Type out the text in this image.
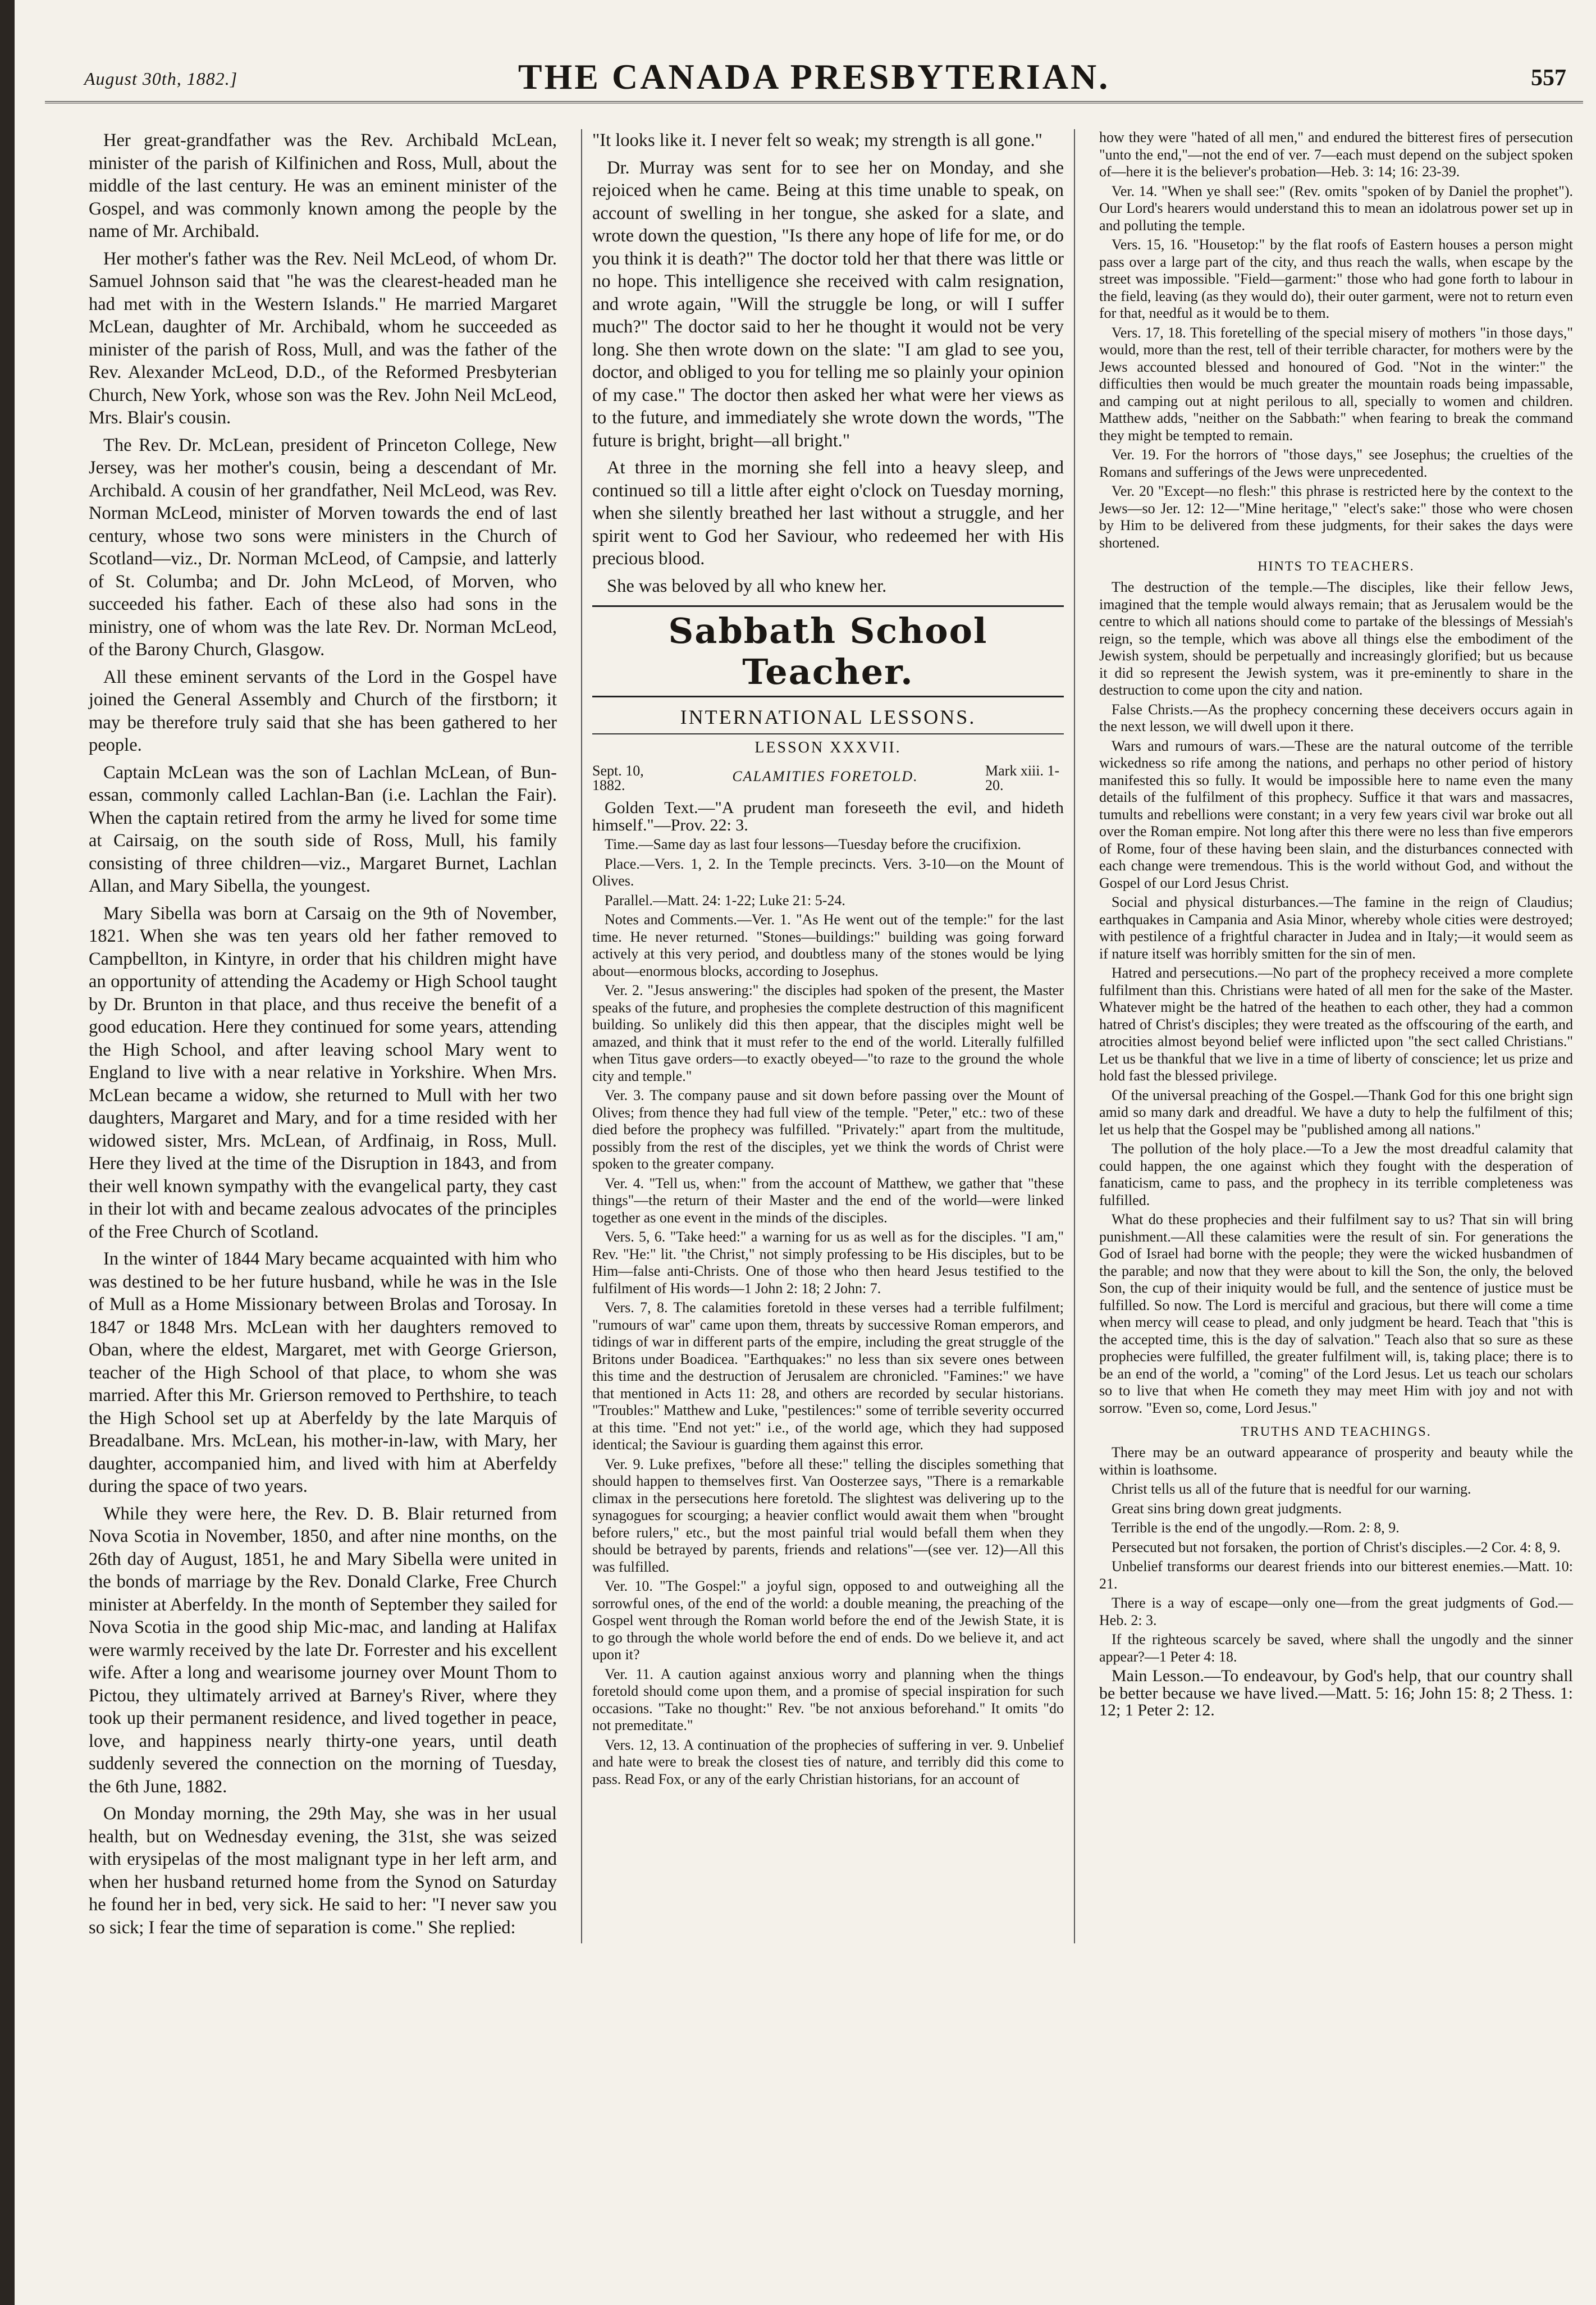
August 30th, 1882.]	THE CANADA PRESBYTERIAN.	557

Her great-grandfather was the Rev. Archibald McLean, minister of the parish of Kilfinichen and Ross, Mull, about the middle of the last century. He was an eminent minister of the Gospel, and was commonly known among the people by the name of Mr. Archibald.

Her mother's father was the Rev. Neil McLeod, of whom Dr. Samuel Johnson said that "he was the clearest-headed man he had met with in the Western Islands." He married Margaret McLean, daughter of Mr. Archibald, whom he succeeded as minister of the parish of Ross, Mull, and was the father of the Rev. Alexander McLeod, D.D., of the Reformed Presbyterian Church, New York, whose son was the Rev. John Neil McLeod, Mrs. Blair's cousin.

The Rev. Dr. McLean, president of Princeton College, New Jersey, was her mother's cousin, being a descendant of Mr. Archibald. A cousin of her grandfather, Neil McLeod, was Rev. Norman McLeod, minister of Morven towards the end of last century, whose two sons were ministers in the Church of Scotland—viz., Dr. Norman McLeod, of Campsie, and latterly of St. Columba; and Dr. John McLeod, of Morven, who succeeded his father. Each of these also had sons in the ministry, one of whom was the late Rev. Dr. Norman McLeod, of the Barony Church, Glasgow.

All these eminent servants of the Lord in the Gospel have joined the General Assembly and Church of the firstborn; it may be therefore truly said that she has been gathered to her people.

Captain McLean was the son of Lachlan McLean, of Bun-essan, commonly called Lachlan-Ban (i.e. Lachlan the Fair). When the captain retired from the army he lived for some time at Cairsaig, on the south side of Ross, Mull, his family consisting of three children—viz., Margaret Burnet, Lachlan Allan, and Mary Sibella, the youngest.

Mary Sibella was born at Carsaig on the 9th of November, 1821. When she was ten years old her father removed to Campbellton, in Kintyre, in order that his children might have an opportunity of attending the Academy or High School taught by Dr. Brunton in that place, and thus receive the benefit of a good education. Here they continued for some years, attending the High School, and after leaving school Mary went to England to live with a near relative in Yorkshire. When Mrs. McLean became a widow, she returned to Mull with her two daughters, Margaret and Mary, and for a time resided with her widowed sister, Mrs. McLean, of Ardfinaig, in Ross, Mull. Here they lived at the time of the Disruption in 1843, and from their well known sympathy with the evangelical party, they cast in their lot with and became zealous advocates of the principles of the Free Church of Scotland.

In the winter of 1844 Mary became acquainted with him who was destined to be her future husband, while he was in the Isle of Mull as a Home Missionary between Brolas and Torosay. In 1847 or 1848 Mrs. McLean with her daughters removed to Oban, where the eldest, Margaret, met with George Grierson, teacher of the High School of that place, to whom she was married. After this Mr. Grierson removed to Perthshire, to teach the High School set up at Aberfeldy by the late Marquis of Breadalbane. Mrs. McLean, his mother-in-law, with Mary, her daughter, accompanied him, and lived with him at Aberfeldy during the space of two years.

While they were here, the Rev. D. B. Blair returned from Nova Scotia in November, 1850, and after nine months, on the 26th day of August, 1851, he and Mary Sibella were united in the bonds of marriage by the Rev. Donald Clarke, Free Church minister at Aberfeldy. In the month of September they sailed for Nova Scotia in the good ship Mic-mac, and landing at Halifax were warmly received by the late Dr. Forrester and his excellent wife. After a long and wearisome journey over Mount Thom to Pictou, they ultimately arrived at Barney's River, where they took up their permanent residence, and lived together in peace, love, and happiness nearly thirty-one years, until death suddenly severed the connection on the morning of Tuesday, the 6th June, 1882.

On Monday morning, the 29th May, she was in her usual health, but on Wednesday evening, the 31st, she was seized with erysipelas of the most malignant type in her left arm, and when her husband returned home from the Synod on Saturday he found her in bed, very sick. He said to her: "I never saw you so sick; I fear the time of separation is come." She replied:

"It looks like it. I never felt so weak; my strength is all gone."

Dr. Murray was sent for to see her on Monday, and she rejoiced when he came. Being at this time unable to speak, on account of swelling in her tongue, she asked for a slate, and wrote down the question, "Is there any hope of life for me, or do you think it is death?" The doctor told her that there was little or no hope. This intelligence she received with calm resignation, and wrote again, "Will the struggle be long, or will I suffer much?" The doctor said to her he thought it would not be very long. She then wrote down on the slate: "I am glad to see you, doctor, and obliged to you for telling me so plainly your opinion of my case." The doctor then asked her what were her views as to the future, and immediately she wrote down the words, "The future is bright, bright—all bright."

At three in the morning she fell into a heavy sleep, and continued so till a little after eight o'clock on Tuesday morning, when she silently breathed her last without a struggle, and her spirit went to God her Saviour, who redeemed her with His precious blood.

She was beloved by all who knew her.

Sabbath School Teacher.
INTERNATIONAL LESSONS.
LESSON XXXVII.
Sept. 10, 1882.
CALAMITIES FORETOLD.	Mark xiii. 1-20.

Golden Text.—"A prudent man foreseeth the evil, and hideth himself."—Prov. 22: 3.

Time.—Same day as last four lessons—Tuesday before the crucifixion.

Place.—Vers. 1, 2. In the Temple precincts. Vers. 3-10—on the Mount of Olives.

Parallel.—Matt. 24: 1-22; Luke 21: 5-24.

Notes and Comments.—Ver. 1. "As He went out of the temple:" for the last time. He never returned. "Stones—buildings:" building was going forward actively at this very period, and doubtless many of the stones would be lying about—enormous blocks, according to Josephus.

Ver. 2. "Jesus answering:" the disciples had spoken of the present, the Master speaks of the future, and prophesies the complete destruction of this magnificent building. So unlikely did this then appear, that the disciples might well be amazed, and think that it must refer to the end of the world. Literally fulfilled when Titus gave orders—to exactly obeyed—"to raze to the ground the whole city and temple."

Ver. 3. The company pause and sit down before passing over the Mount of Olives; from thence they had full view of the temple. "Peter," etc.: two of these died before the prophecy was fulfilled. "Privately:" apart from the multitude, possibly from the rest of the disciples, yet we think the words of Christ were spoken to the greater company.

Ver. 4. "Tell us, when:" from the account of Matthew, we gather that "these things"—the return of their Master and the end of the world—were linked together as one event in the minds of the disciples.

Vers. 5, 6. "Take heed:" a warning for us as well as for the disciples. "I am," Rev. "He:" lit. "the Christ," not simply professing to be His disciples, but to be Him—false anti-Christs. One of those who then heard Jesus testified to the fulfilment of His words—1 John 2: 18; 2 John: 7.

Vers. 7, 8. The calamities foretold in these verses had a terrible fulfilment; "rumours of war" came upon them, threats by successive Roman emperors, and tidings of war in different parts of the empire, including the great struggle of the Britons under Boadicea. "Earthquakes:" no less than six severe ones between this time and the destruction of Jerusalem are chronicled. "Famines:" we have that mentioned in Acts 11: 28, and others are recorded by secular historians. "Troubles:" Matthew and Luke, "pestilences:" some of terrible severity occurred at this time. "End not yet:" i.e., of the world age, which they had supposed identical; the Saviour is guarding them against this error.

Ver. 9. Luke prefixes, "before all these:" telling the disciples something that should happen to themselves first. Van Oosterzee says, "There is a remarkable climax in the persecutions here foretold. The slightest was delivering up to the synagogues for scourging; a heavier conflict would await them when "brought before rulers," etc., but the most painful trial would befall them when they should be betrayed by parents, friends and relations"—(see ver. 12)—All this was fulfilled.

Ver. 10. "The Gospel:" a joyful sign, opposed to and outweighing all the sorrowful ones, of the end of the world: a double meaning, the preaching of the Gospel went through the Roman world before the end of the Jewish State, it is to go through the whole world before the end of ends. Do we believe it, and act upon it?

Ver. 11. A caution against anxious worry and planning when the things foretold should come upon them, and a promise of special inspiration for such occasions. "Take no thought:" Rev. "be not anxious beforehand." It omits "do not premeditate."

Vers. 12, 13. A continuation of the prophecies of suffering in ver. 9. Unbelief and hate were to break the closest ties of nature, and terribly did this come to pass. Read Fox, or any of the early Christian historians, for an account of

how they were "hated of all men," and endured the bitterest fires of persecution "unto the end,"—not the end of ver. 7—each must depend on the subject spoken of—here it is the believer's probation—Heb. 3: 14; 16: 23-39.

Ver. 14. "When ye shall see:" (Rev. omits "spoken of by Daniel the prophet"). Our Lord's hearers would understand this to mean an idolatrous power set up in and polluting the temple.

Vers. 15, 16. "Housetop:" by the flat roofs of Eastern houses a person might pass over a large part of the city, and thus reach the walls, when escape by the street was impossible. "Field—garment:" those who had gone forth to labour in the field, leaving (as they would do), their outer garment, were not to return even for that, needful as it would be to them.

Vers. 17, 18. This foretelling of the special misery of mothers "in those days," would, more than the rest, tell of their terrible character, for mothers were by the Jews accounted blessed and honoured of God. "Not in the winter:" the difficulties then would be much greater the mountain roads being impassable, and camping out at night perilous to all, specially to women and children. Matthew adds, "neither on the Sabbath:" when fearing to break the command they might be tempted to remain.

Ver. 19. For the horrors of "those days," see Josephus; the cruelties of the Romans and sufferings of the Jews were unprecedented.

Ver. 20 "Except—no flesh:" this phrase is restricted here by the context to the Jews—so Jer. 12: 12—"Mine heritage," "elect's sake:" those who were chosen by Him to be delivered from these judgments, for their sakes the days were shortened.

HINTS TO TEACHERS.

The destruction of the temple.—The disciples, like their fellow Jews, imagined that the temple would always remain; that as Jerusalem would be the centre to which all nations should come to partake of the blessings of Messiah's reign, so the temple, which was above all things else the embodiment of the Jewish system, should be perpetually and increasingly glorified; but us because it did so represent the Jewish system, was it pre-eminently to share in the destruction to come upon the city and nation.

False Christs.—As the prophecy concerning these deceivers occurs again in the next lesson, we will dwell upon it there.

Wars and rumours of wars.—These are the natural outcome of the terrible wickedness so rife among the nations, and perhaps no other period of history manifested this so fully. It would be impossible here to name even the many details of the fulfilment of this prophecy. Suffice it that wars and massacres, tumults and rebellions were constant; in a very few years civil war broke out all over the Roman empire. Not long after this there were no less than five emperors of Rome, four of these having been slain, and the disturbances connected with each change were tremendous. This is the world without God, and without the Gospel of our Lord Jesus Christ.

Social and physical disturbances.—The famine in the reign of Claudius; earthquakes in Campania and Asia Minor, whereby whole cities were destroyed; with pestilence of a frightful character in Judea and in Italy;—it would seem as if nature itself was horribly smitten for the sin of men.

Hatred and persecutions.—No part of the prophecy received a more complete fulfilment than this. Christians were hated of all men for the sake of the Master. Whatever might be the hatred of the heathen to each other, they had a common hatred of Christ's disciples; they were treated as the offscouring of the earth, and atrocities almost beyond belief were inflicted upon "the sect called Christians." Let us be thankful that we live in a time of liberty of conscience; let us prize and hold fast the blessed privilege.

Of the universal preaching of the Gospel.—Thank God for this one bright sign amid so many dark and dreadful. We have a duty to help the fulfilment of this; let us help that the Gospel may be "published among all nations."

The pollution of the holy place.—To a Jew the most dreadful calamity that could happen, the one against which they fought with the desperation of fanaticism, came to pass, and the prophecy in its terrible completeness was fulfilled.

What do these prophecies and their fulfilment say to us? That sin will bring punishment.—All these calamities were the result of sin. For generations the God of Israel had borne with the people; they were the wicked husbandmen of the parable; and now that they were about to kill the Son, the only, the beloved Son, the cup of their iniquity would be full, and the sentence of justice must be fulfilled. So now. The Lord is merciful and gracious, but there will come a time when mercy will cease to plead, and only judgment be heard. Teach that "this is the accepted time, this is the day of salvation." Teach also that so sure as these prophecies were fulfilled, the greater fulfilment will, is, taking place; there is to be an end of the world, a "coming" of the Lord Jesus. Let us teach our scholars so to live that when He cometh they may meet Him with joy and not with sorrow. "Even so, come, Lord Jesus."

TRUTHS AND TEACHINGS.

There may be an outward appearance of prosperity and beauty while the within is loathsome.

Christ tells us all of the future that is needful for our warning.

Great sins bring down great judgments.

Terrible is the end of the ungodly.—Rom. 2: 8, 9.

Persecuted but not forsaken, the portion of Christ's disciples.—2 Cor. 4: 8, 9.

Unbelief transforms our dearest friends into our bitterest enemies.—Matt. 10: 21.

There is a way of escape—only one—from the great judgments of God.—Heb. 2: 3.

If the righteous scarcely be saved, where shall the ungodly and the sinner appear?—1 Peter 4: 18.

Main Lesson.—To endeavour, by God's help, that our country shall be better because we have lived.—Matt. 5: 16; John 15: 8; 2 Thess. 1: 12; 1 Peter 2: 12.
